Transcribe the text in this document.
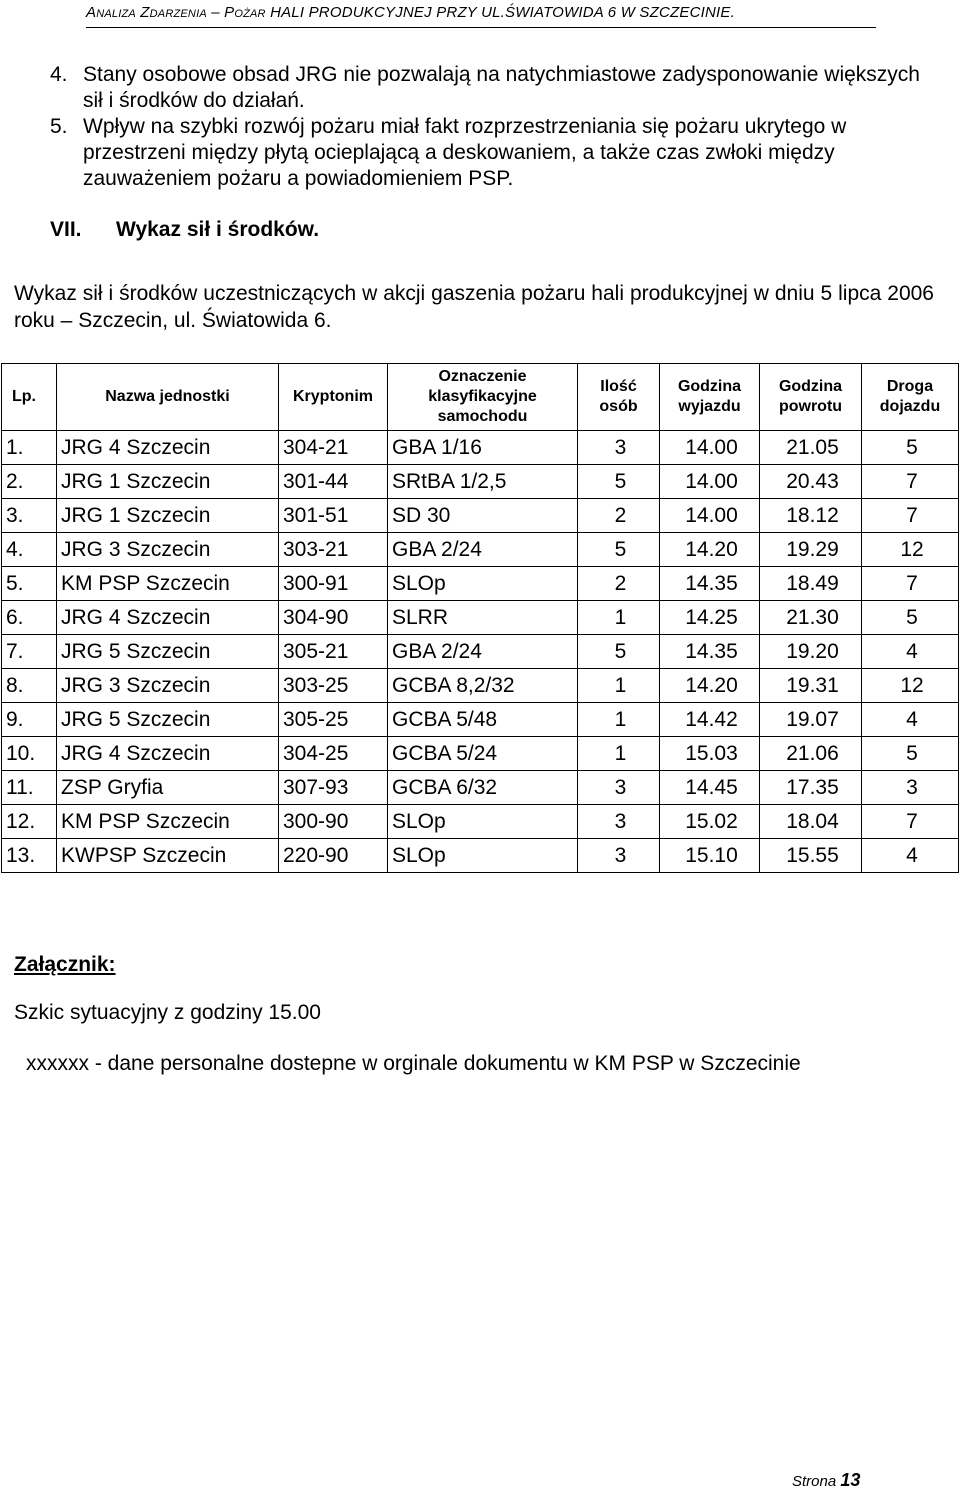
Analiza Zdarzenia – Pożar HALI PRODUKCYJNEJ PRZY UL.ŚWIATOWIDA 6 W SZCZECINIE.
4. Stany osobowe obsad JRG nie pozwalają na natychmiastowe zadysponowanie większych sił i środków do działań.
5. Wpływ na szybki rozwój pożaru miał fakt rozprzestrzeniania się pożaru ukrytego w przestrzeni między płytą ocieplającą a deskowaniem, a także czas zwłoki między zauważeniem pożaru a powiadomieniem PSP.
VII. Wykaz sił i środków.
Wykaz sił i środków uczestniczących w akcji gaszenia pożaru hali produkcyjnej w dniu 5 lipca 2006 roku – Szczecin, ul. Światowida 6.
Lp.	Nazwa jednostki	Kryptonim	Oznaczenie klasyfikacyjne samochodu	Ilość osób	Godzina wyjazdu	Godzina powrotu	Droga dojazdu
1.	JRG 4 Szczecin	304-21	GBA 1/16	3	14.00	21.05	5
2.	JRG 1 Szczecin	301-44	SRtBA 1/2,5	5	14.00	20.43	7
3.	JRG 1 Szczecin	301-51	SD 30	2	14.00	18.12	7
4.	JRG 3 Szczecin	303-21	GBA 2/24	5	14.20	19.29	12
5.	KM PSP Szczecin	300-91	SLOp	2	14.35	18.49	7
6.	JRG 4 Szczecin	304-90	SLRR	1	14.25	21.30	5
7.	JRG 5 Szczecin	305-21	GBA 2/24	5	14.35	19.20	4
8.	JRG 3 Szczecin	303-25	GCBA 8,2/32	1	14.20	19.31	12
9.	JRG 5 Szczecin	305-25	GCBA 5/48	1	14.42	19.07	4
10.	JRG 4 Szczecin	304-25	GCBA 5/24	1	15.03	21.06	5
11.	ZSP Gryfia	307-93	GCBA 6/32	3	14.45	17.35	3
12.	KM PSP Szczecin	300-90	SLOp	3	15.02	18.04	7
13.	KWPSP Szczecin	220-90	SLOp	3	15.10	15.55	4
Załącznik:
Szkic sytuacyjny z godziny 15.00
xxxxxx - dane personalne dostepne w orginale dokumentu w KM PSP w Szczecinie
Strona 13
